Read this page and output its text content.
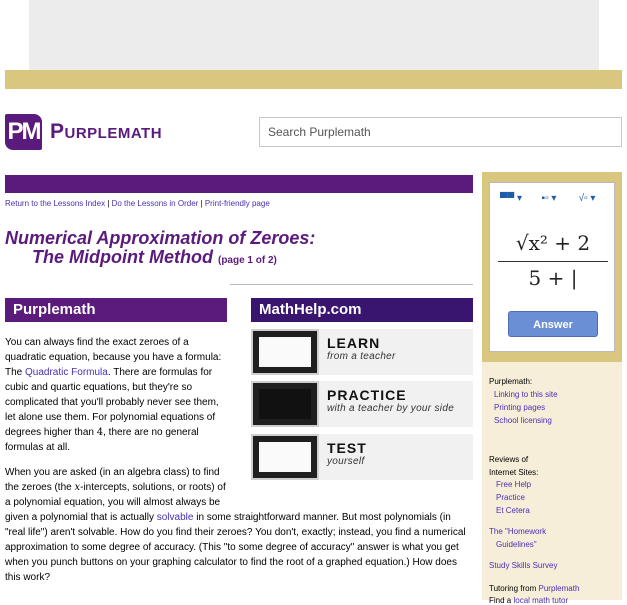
PM Purplemath	Search Purplemath
Return to the Lessons Index | Do the Lessons in Order | Print-friendly page
Numerical Approximation of Zeroes:
The Midpoint Method (page 1 of 2)
Purplemath	MathHelp.com
You can always find the exact zeroes of a quadratic equation, because you have a formula: The Quadratic Formula. There are formulas for cubic and quartic equations, but they're so complicated that you'll probably never see them, let alone use them. For polynomial equations of degrees higher than 4, there are no general formulas at all.
When you are asked (in an algebra class) to find the zeroes (the x-intercepts, solutions, or roots) of a polynomial equation, you will almost always be
given a polynomial that is actually solvable in some straightforward manner. But most polynomials (in "real life") aren't solvable. How do you find their zeroes? You don't, exactly; instead, you find a numerical approximation to some degree of accuracy. (This "to some degree of accuracy" answer is what you get when you punch buttons on your graphing calculator to find the root of a graphed equation.) How does this work?
LEARN
from a teacher
PRACTICE
with a teacher by your side
TEST
yourself
▀▀ ▾	▪▫ ▾	√▫ ▾
$\frac{\text{√x² + 2}}{5 + |}$
Answer
Purplemath:
Linking to this site
Printing pages
School licensing
Reviews of
Internet Sites:
Free Help
Practice
Et Cetera
The "Homework
Guidelines"
Study Skills Survey
Tutoring from Purplemath
Find a local math tutor
